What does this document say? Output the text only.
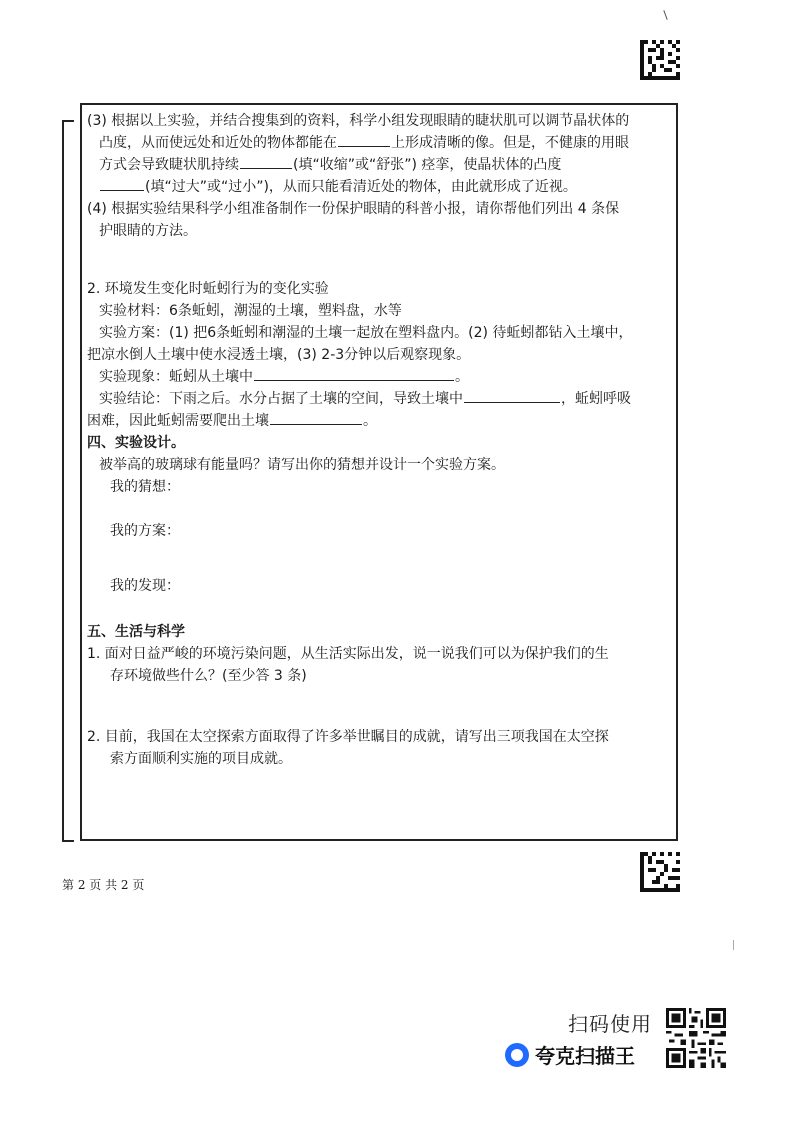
(3) 根据以上实验，并结合搜集到的资料，科学小组发现眼睛的睫状肌可以调节晶状体的
凸度，从而使远处和近处的物体都能在	上形成清晰的像。但是，不健康的用眼
方式会导致睫状肌持续	(填“收缩”或“舒张”) 痉挛，使晶状体的凸度
(填“过大”或“过小”)，从而只能看清近处的物体，由此就形成了近视。
(4) 根据实验结果科学小组准备制作一份保护眼睛的科普小报，请你帮他们列出 4 条保
护眼睛的方法。
2. 环境发生变化时蚯蚓行为的变化实验
实验材料：6条蚯蚓，潮湿的土壤，塑料盘，水等
实验方案：(1) 把6条蚯蚓和潮湿的土壤一起放在塑料盘内。(2) 待蚯蚓都钻入土壤中，
把凉水倒人土壤中使水浸透土壤，(3) 2-3分钟以后观察现象。
实验现象：蚯蚓从土壤中	。
实验结论：下雨之后。水分占据了土壤的空间，导致土壤中	，蚯蚓呼吸
困难，因此蚯蚓需要爬出土壤	。
四、实验设计。
被举高的玻璃球有能量吗？请写出你的猜想并设计一个实验方案。
我的猜想：
我的方案：
我的发现：
五、生活与科学
1. 面对日益严峻的环境污染问题，从生活实际出发，说一说我们可以为保护我们的生
存环境做些什么？(至少答 3 条)
2. 目前，我国在太空探索方面取得了许多举世瞩目的成就，请写出三项我国在太空探
索方面顺利实施的项目成就。
第 2 页 共 2 页
扫码使用
夸克扫描王
